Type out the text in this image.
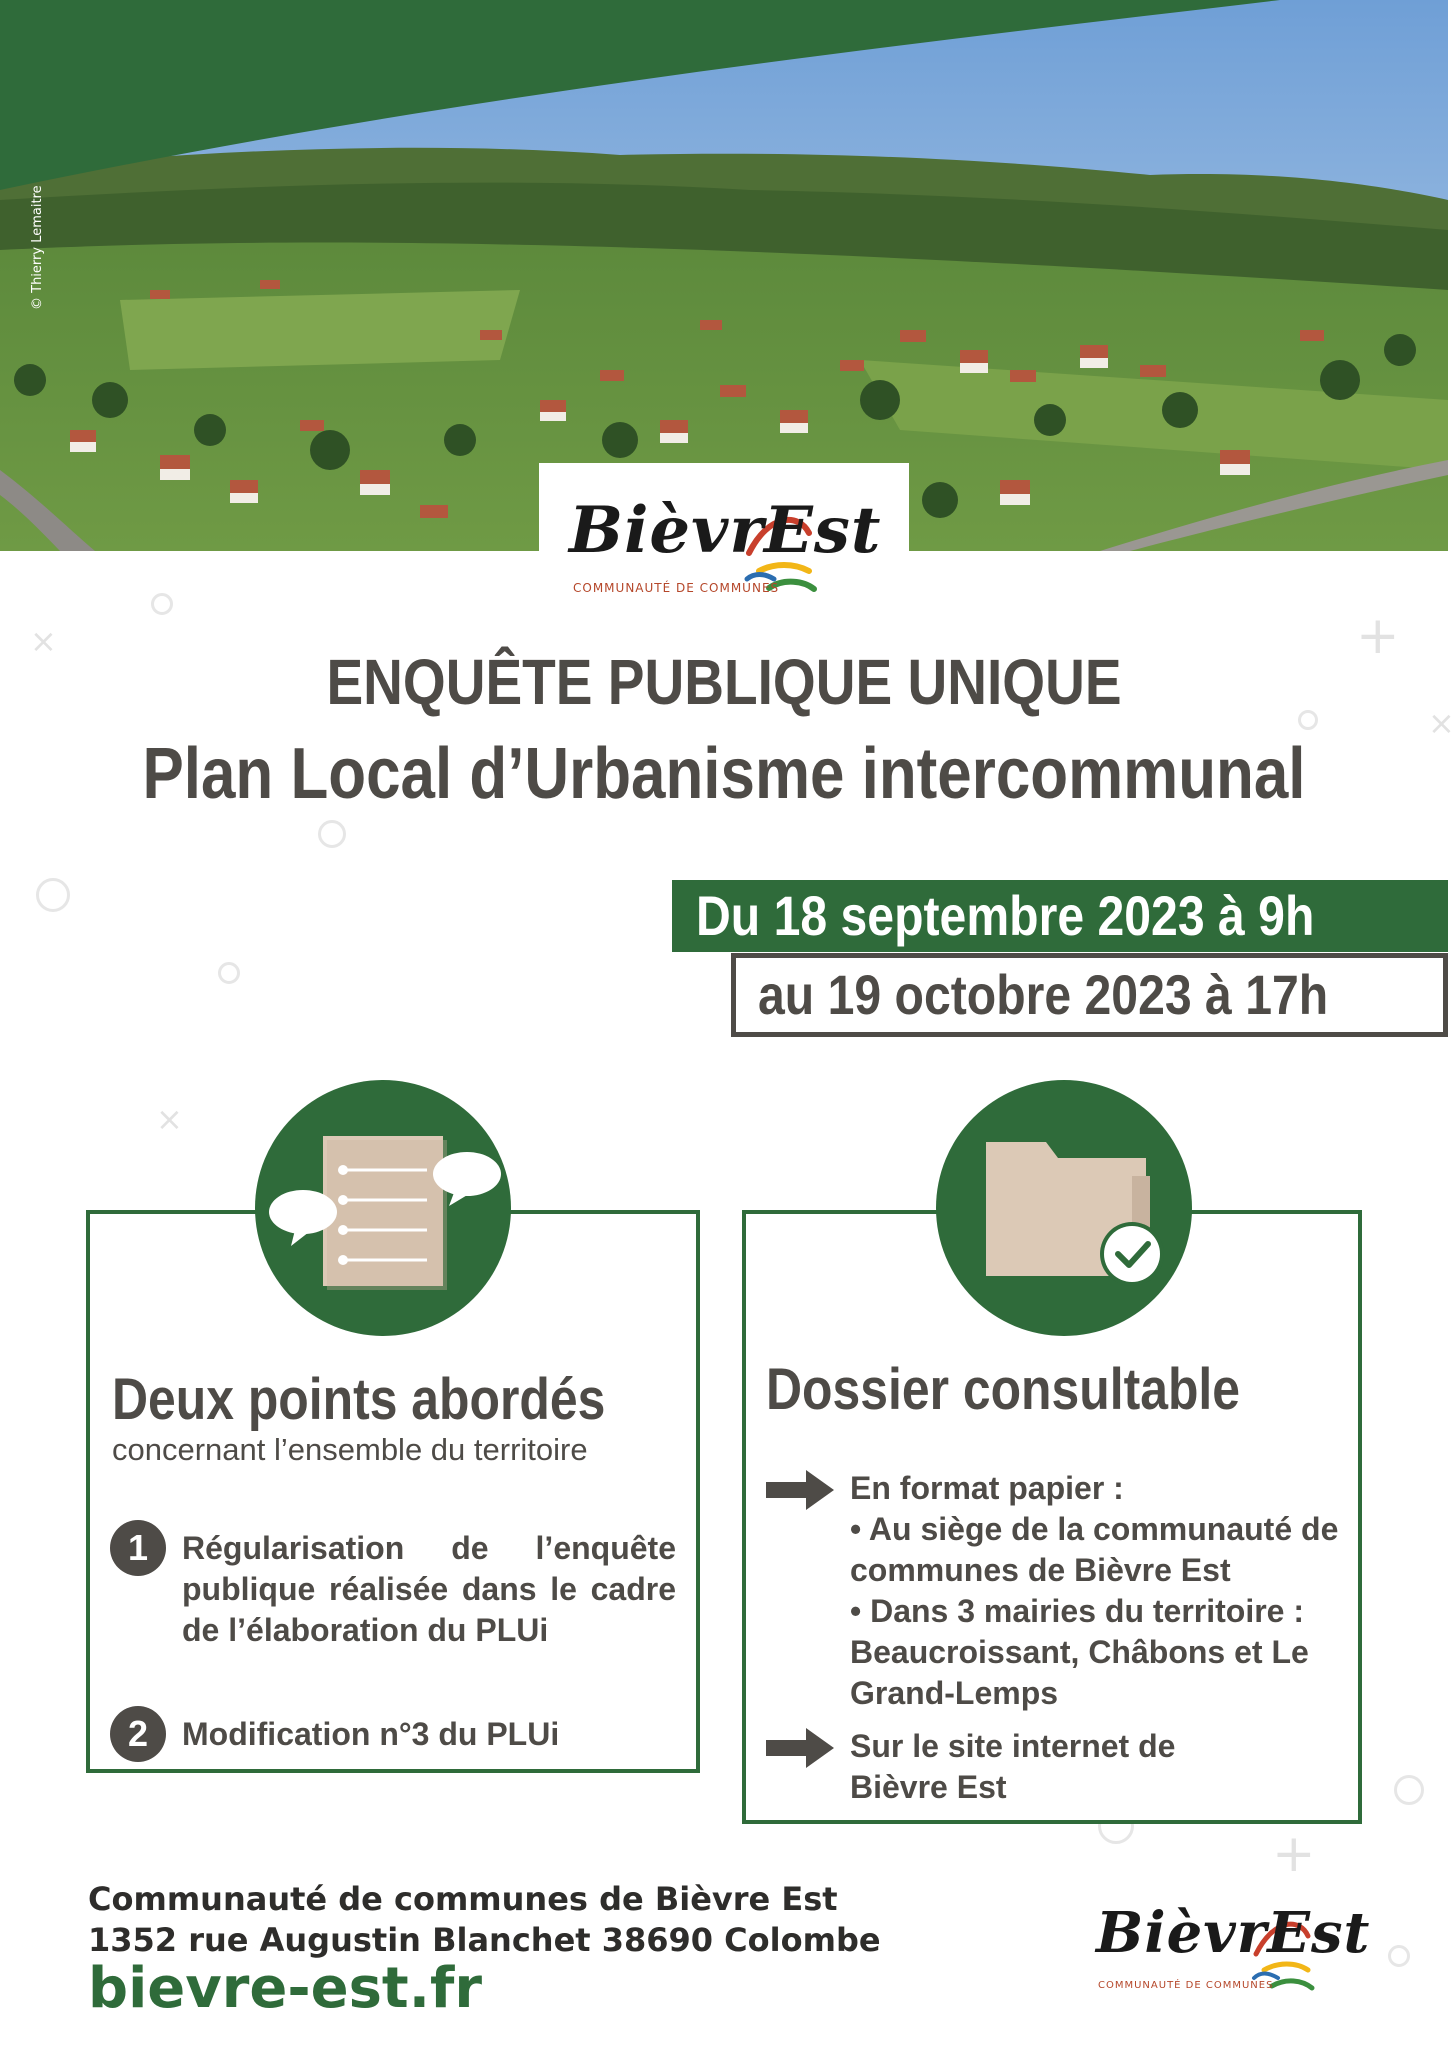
© Thierry Lemaitre
BièvrEst
COMMUNAUTÉ DE COMMUNES
+
+
×
×
×
ENQUÊTE PUBLIQUE UNIQUE
Plan Local d’Urbanisme intercommunal
Du 18 septembre 2023 à 9h
au 19 octobre 2023 à 17h
Deux points abordés
concernant l’ensemble du territoire
1	Régularisation de l’enquête publique réalisée dans le cadre de l’élaboration du PLUi
2	Modification n°3 du PLUi
Dossier consultable
En format papier :
• Au siège de la communauté de communes de Bièvre Est
• Dans 3 mairies du territoire : Beaucroissant, Châbons et Le Grand-Lemps
Sur le site internet de Bièvre Est
Communauté de communes de Bièvre Est
1352 rue Augustin Blanchet 38690 Colombe
bievre-est.fr
BièvrEst
COMMUNAUTÉ DE COMMUNES
